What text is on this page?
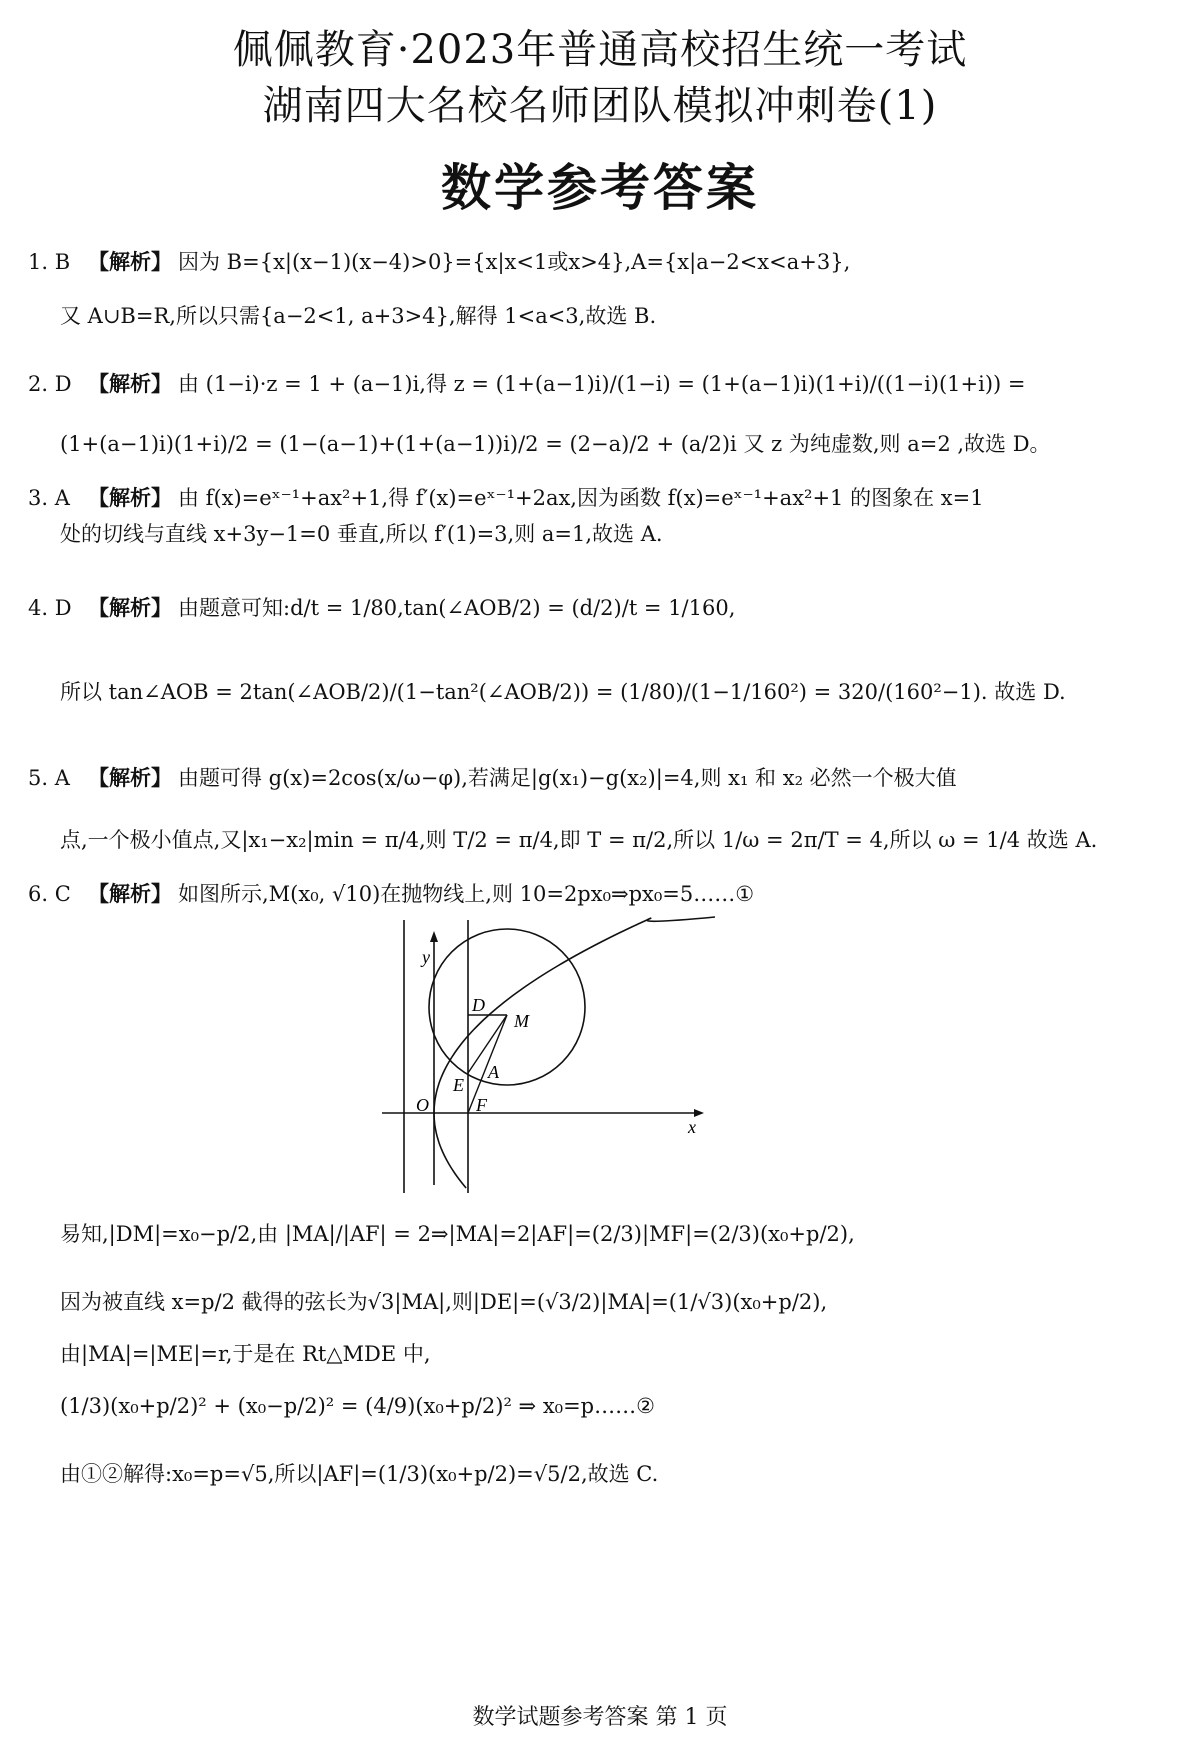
佩佩教育·2023年普通高校招生统一考试
湖南四大名校名师团队模拟冲刺卷(1)
数学参考答案
1. B 【解析】 因为 B={x|(x−1)(x−4)>0}={x|x<1或x>4},A={x|a−2<x<a+3},
又 A∪B=R,所以只需{a−2<1, a+3>4},解得 1<a<3,故选 B.
2. D 【解析】 由 (1−i)·z = 1 + (a−1)i,得 z = (1+(a−1)i)/(1−i) = (1+(a−1)i)(1+i)/((1−i)(1+i)) =
(1+(a−1)i)(1+i)/2 = (1−(a−1)+(1+(a−1))i)/2 = (2−a)/2 + (a/2)i 又 z 为纯虚数,则 a=2 ,故选 D。
3. A 【解析】 由 f(x)=eˣ⁻¹+ax²+1,得 f′(x)=eˣ⁻¹+2ax,因为函数 f(x)=eˣ⁻¹+ax²+1 的图象在 x=1
处的切线与直线 x+3y−1=0 垂直,所以 f′(1)=3,则 a=1,故选 A.
4. D 【解析】 由题意可知:d/t = 1/80,tan(∠AOB/2) = (d/2)/t = 1/160,
所以 tan∠AOB = 2tan(∠AOB/2)/(1−tan²(∠AOB/2)) = (1/80)/(1−1/160²) = 320/(160²−1). 故选 D.
5. A 【解析】 由题可得 g(x)=2cos(x/ω−φ),若满足|g(x₁)−g(x₂)|=4,则 x₁ 和 x₂ 必然一个极大值
点,一个极小值点,又|x₁−x₂|min = π/4,则 T/2 = π/4,即 T = π/2,所以 1/ω = 2π/T = 4,所以 ω = 1/4 故选 A.
6. C 【解析】 如图所示,M(x₀, √10)在抛物线上,则 10=2px₀⇒px₀=5……①
y
x
O
D
M
E
A
F
易知,|DM|=x₀−p/2,由 |MA|/|AF| = 2⇒|MA|=2|AF|=(2/3)|MF|=(2/3)(x₀+p/2),
因为被直线 x=p/2 截得的弦长为√3|MA|,则|DE|=(√3/2)|MA|=(1/√3)(x₀+p/2),
由|MA|=|ME|=r,于是在 Rt△MDE 中,
(1/3)(x₀+p/2)² + (x₀−p/2)² = (4/9)(x₀+p/2)² ⇒ x₀=p……②
由①②解得:x₀=p=√5,所以|AF|=(1/3)(x₀+p/2)=√5/2,故选 C.
数学试题参考答案 第 1 页
